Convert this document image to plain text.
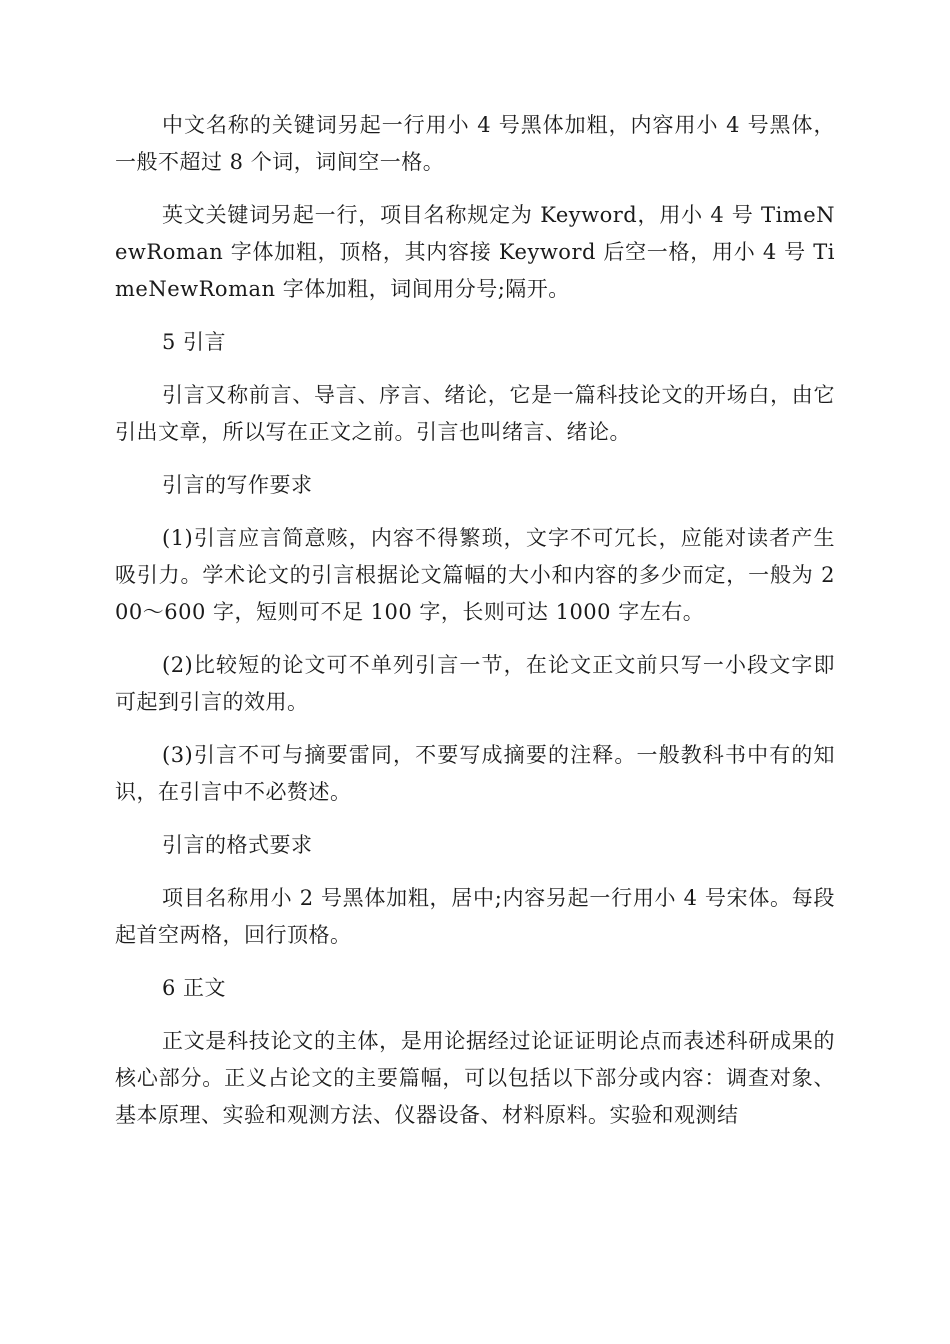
中文名称的关键词另起一行用小 4 号黑体加粗，内容用小 4 号黑体，一般不超过 8 个词，词间空一格。

英文关键词另起一行，项目名称规定为 Keyword，用小 4 号 TimeNewRoman 字体加粗，顶格，其内容接 Keyword 后空一格，用小 4 号 TimeNewRoman 字体加粗，词间用分号;隔开。

5 引言

引言又称前言、导言、序言、绪论，它是一篇科技论文的开场白，由它引出文章，所以写在正文之前。引言也叫绪言、绪论。

引言的写作要求

(1)引言应言简意赅，内容不得繁琐，文字不可冗长，应能对读者产生吸引力。学术论文的引言根据论文篇幅的大小和内容的多少而定，一般为 200～600 字，短则可不足 100 字，长则可达 1000 字左右。

(2)比较短的论文可不单列引言一节，在论文正文前只写一小段文字即可起到引言的效用。

(3)引言不可与摘要雷同，不要写成摘要的注释。一般教科书中有的知识，在引言中不必赘述。

引言的格式要求

项目名称用小 2 号黑体加粗，居中;内容另起一行用小 4 号宋体。每段起首空两格，回行顶格。

6 正文

正文是科技论文的主体，是用论据经过论证证明论点而表述科研成果的核心部分。正义占论文的主要篇幅，可以包括以下部分或内容：调查对象、基本原理、实验和观测方法、仪器设备、材料原料。实验和观测结
